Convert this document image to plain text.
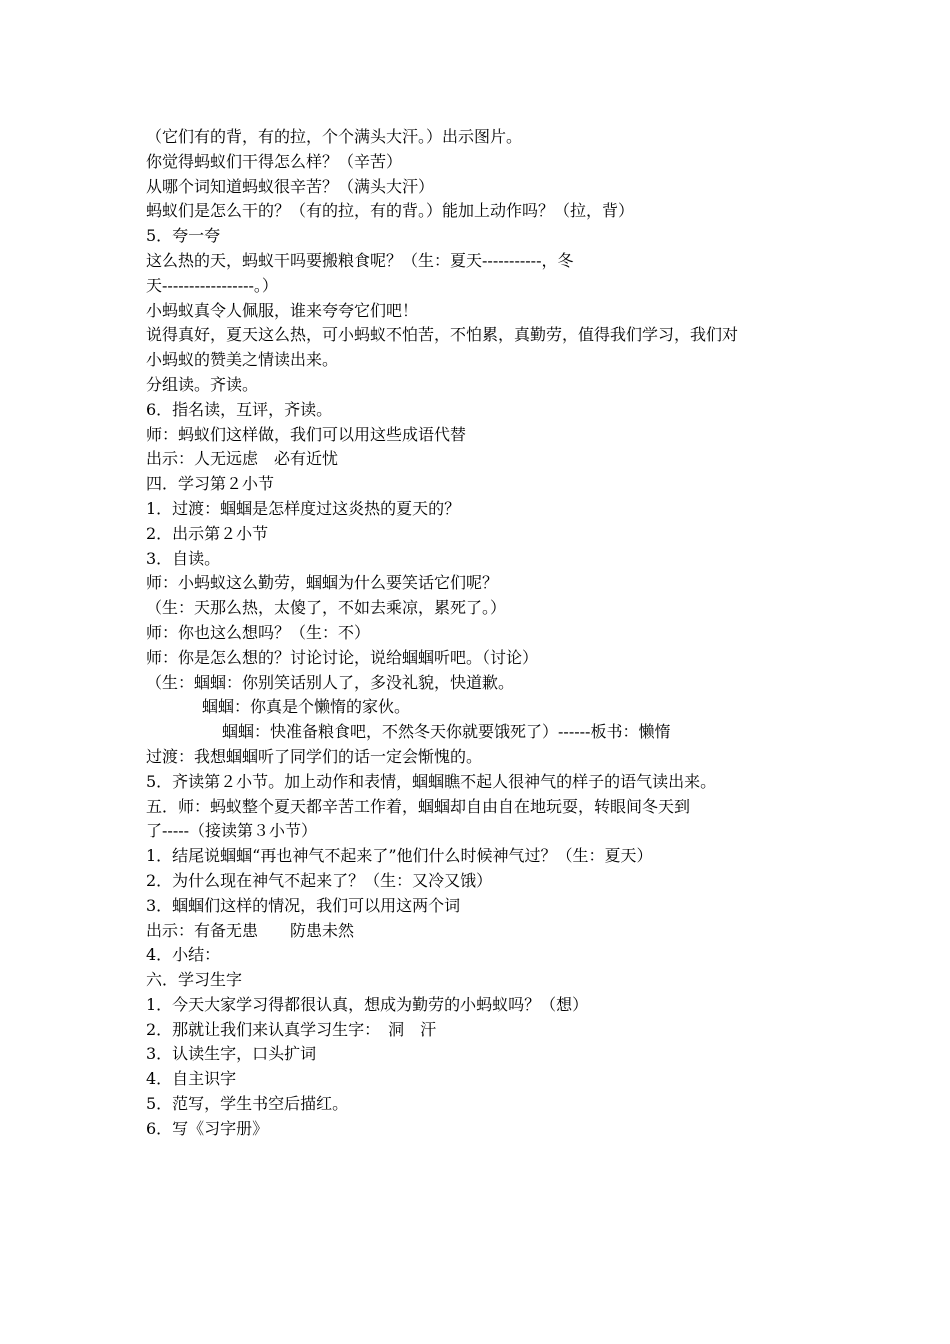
（它们有的背，有的拉，个个满头大汗。）出示图片。
你觉得蚂蚁们干得怎么样？（辛苦）
从哪个词知道蚂蚁很辛苦？（满头大汗）
蚂蚁们是怎么干的？（有的拉，有的背。）能加上动作吗？（拉，背）
5．夸一夸
这么热的天，蚂蚁干吗要搬粮食呢？（生：夏天-----------，冬
天-----------------。）
小蚂蚁真令人佩服，谁来夸夸它们吧！
说得真好，夏天这么热，可小蚂蚁不怕苦，不怕累，真勤劳，值得我们学习，我们对
小蚂蚁的赞美之情读出来。
分组读。齐读。
6．指名读，互评，齐读。
师：蚂蚁们这样做，我们可以用这些成语代替
出示：人无远虑　必有近忧
四．学习第２小节
1．过渡：蝈蝈是怎样度过这炎热的夏天的？
2．出示第２小节
3．自读。
师：小蚂蚁这么勤劳，蝈蝈为什么要笑话它们呢？
（生：天那么热，太傻了，不如去乘凉，累死了。）
师：你也这么想吗？（生：不）
师：你是怎么想的？讨论讨论，说给蝈蝈听吧。（讨论）
（生：蝈蝈：你别笑话别人了，多没礼貌，快道歉。
蝈蝈：你真是个懒惰的家伙。
蝈蝈：快准备粮食吧，不然冬天你就要饿死了）------板书：懒惰
过渡：我想蝈蝈听了同学们的话一定会惭愧的。
5．齐读第２小节。加上动作和表情，蝈蝈瞧不起人很神气的样子的语气读出来。
五．师：蚂蚁整个夏天都辛苦工作着，蝈蝈却自由自在地玩耍，转眼间冬天到
了-----（接读第３小节）
1．结尾说蝈蝈“再也神气不起来了”他们什么时候神气过？（生：夏天）
2．为什么现在神气不起来了？（生：又冷又饿）
3．蝈蝈们这样的情况，我们可以用这两个词
出示：有备无患　　防患未然
4．小结：
六．学习生字
1．今天大家学习得都很认真，想成为勤劳的小蚂蚁吗？（想）
2．那就让我们来认真学习生字：　洞　汗
3．认读生字，口头扩词
4．自主识字
5．范写，学生书空后描红。
6．写《习字册》
